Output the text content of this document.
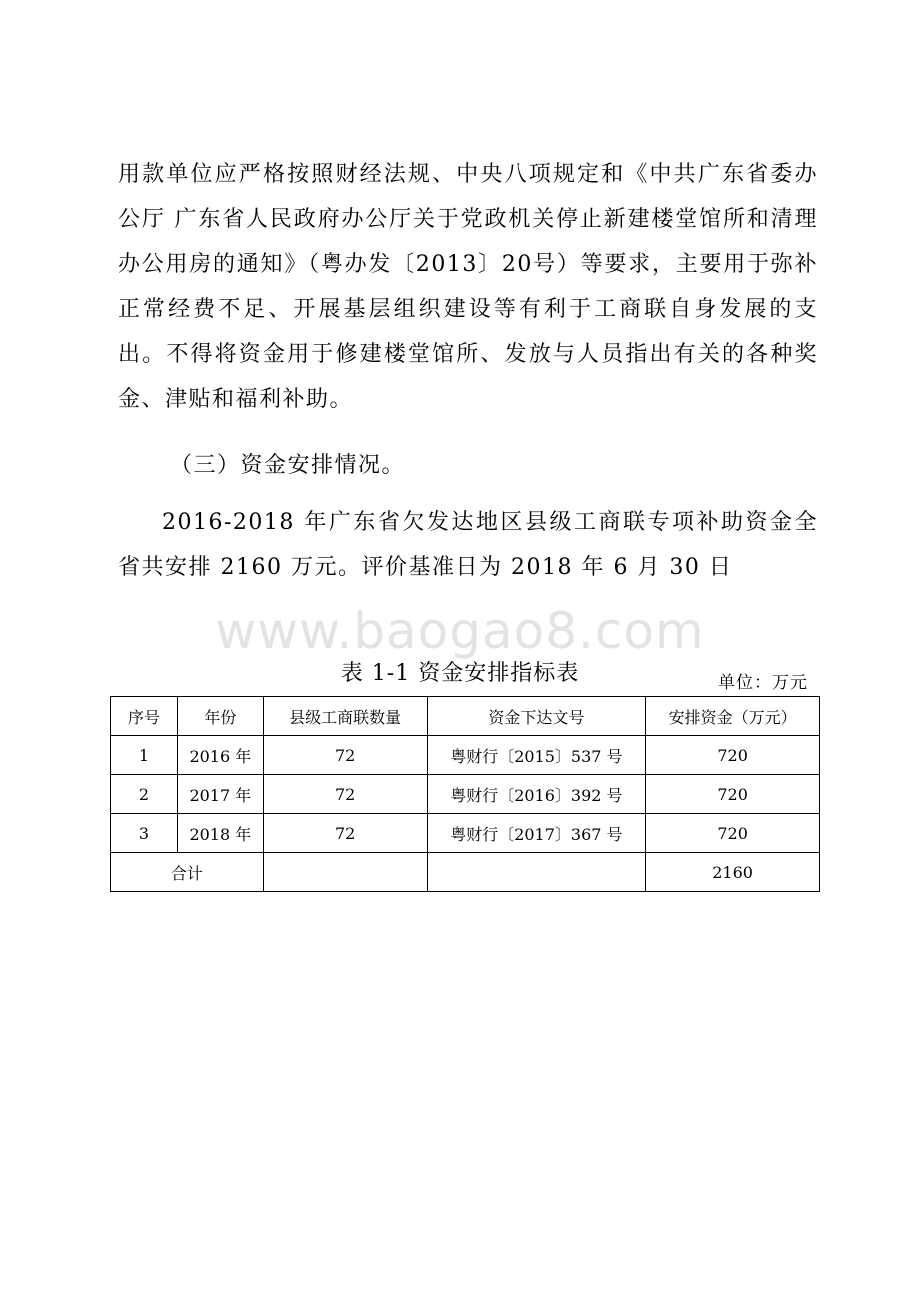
用款单位应严格按照财经法规、中央八项规定和《中共广东省委办公厅 广东省人民政府办公厅关于党政机关停止新建楼堂馆所和清理办公用房的通知》（粤办发〔2013〕20号）等要求，主要用于弥补正常经费不足、开展基层组织建设等有利于工商联自身发展的支出。不得将资金用于修建楼堂馆所、发放与人员指出有关的各种奖金、津贴和福利补助。

（三）资金安排情况。

2016-2018 年广东省欠发达地区县级工商联专项补助资金全省共安排 2160 万元。评价基准日为 2018 年 6 月 30 日

www.baogao8.com
表 1-1 资金安排指标表	单位：万元
序号	年份	县级工商联数量	资金下达文号	安排资金（万元）
1	2016 年	72	粤财行〔2015〕537 号	720
2	2017 年	72	粤财行〔2016〕392 号	720
3	2018 年	72	粤财行〔2017〕367 号	720
合计				2160
